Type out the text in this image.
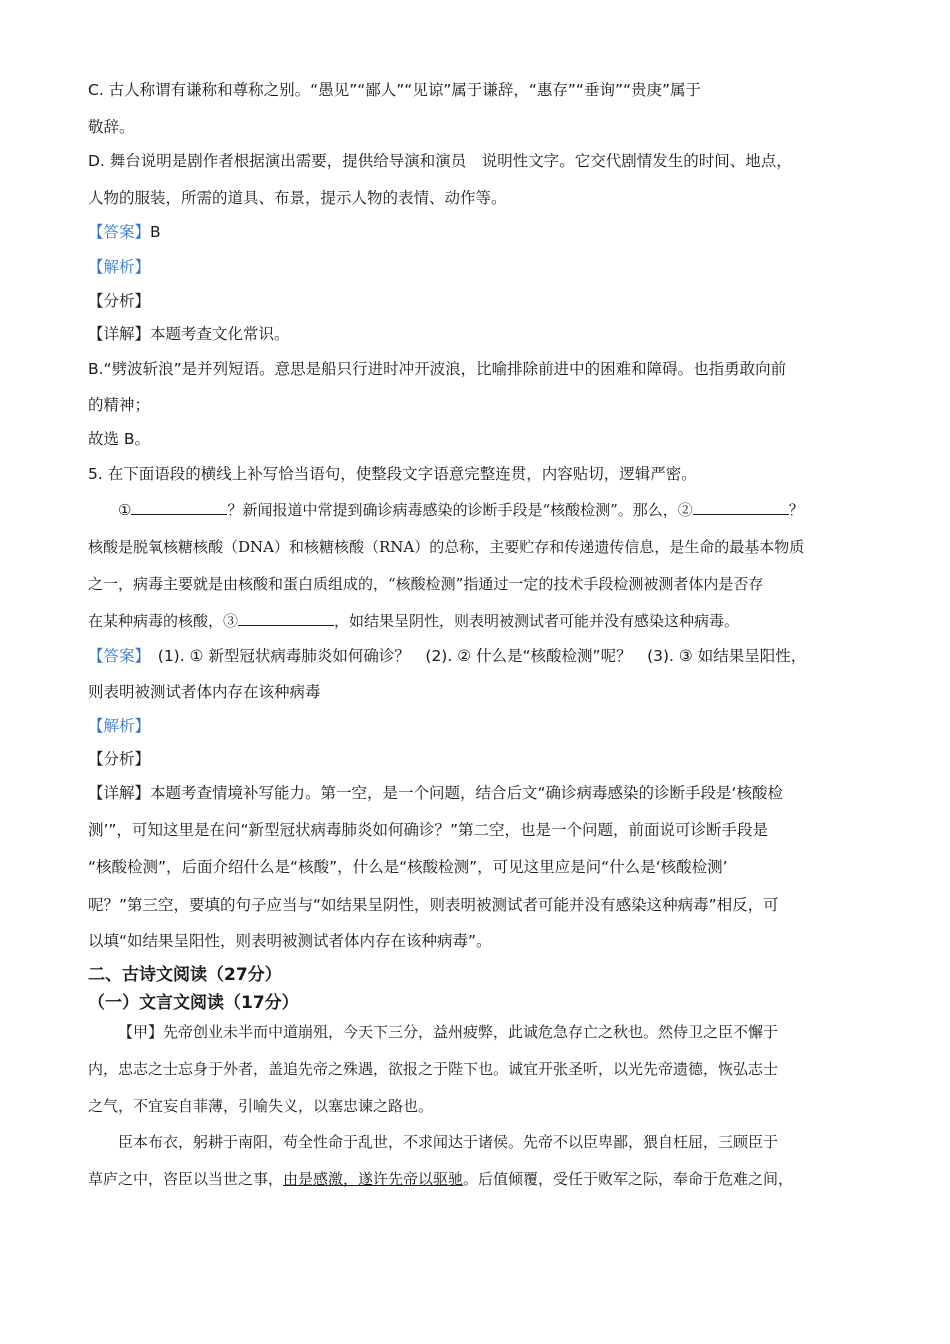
C. 古人称谓有谦称和尊称之别。“愚见”“鄙人”“见谅”属于谦辞，“惠存”“垂询”“贵庚”属于
敬辞。
D. 舞台说明是剧作者根据演出需要，提供给导演和演员　说明性文字。它交代剧情发生的时间、地点，
人物的服装，所需的道具、布景，提示人物的表情、动作等。
【答案】B
【解析】
【分析】
【详解】本题考查文化常识。
B.“劈波斩浪”是并列短语。意思是船只行进时冲开波浪，比喻排除前进中的困难和障碍。也指勇敢向前
的精神；
故选 B。
5. 在下面语段的横线上补写恰当语句，使整段文字语意完整连贯，内容贴切，逻辑严密。
①	？新闻报道中常提到确诊病毒感染的诊断手段是“核酸检测”。那么，②	？
核酸是脱氧核糖核酸（DNA）和核糖核酸（RNA）的总称，主要贮存和传递遗传信息，是生命的最基本物质
之一，病毒主要就是由核酸和蛋白质组成的，“核酸检测”指通过一定的技术手段检测被测者体内是否存
在某种病毒的核酸，③	，如结果呈阴性，则表明被测试者可能并没有感染这种病毒。
【答案】　(1). ① 新型冠状病毒肺炎如何确诊？　(2). ② 什么是“核酸检测”呢？　(3). ③ 如结果呈阳性，
则表明被测试者体内存在该种病毒
【解析】
【分析】
【详解】本题考查情境补写能力。第一空，是一个问题，结合后文“确诊病毒感染的诊断手段是‘核酸检
测’”，可知这里是在问“新型冠状病毒肺炎如何确诊？”第二空，也是一个问题，前面说可诊断手段是
“核酸检测”，后面介绍什么是“核酸”，什么是“核酸检测”，可见这里应是问“什么是‘核酸检测’
呢？”第三空，要填的句子应当与“如结果呈阴性，则表明被测试者可能并没有感染这种病毒”相反，可
以填“如结果呈阳性，则表明被测试者体内存在该种病毒”。
二、古诗文阅读（27分）
（一）文言文阅读（17分）
【甲】先帝创业未半而中道崩殂，今天下三分，益州疲弊，此诚危急存亡之秋也。然侍卫之臣不懈于
内，忠志之士忘身于外者，盖追先帝之殊遇，欲报之于陛下也。诚宜开张圣听，以光先帝遗德，恢弘志士
之气，不宜妄自菲薄，引喻失义，以塞忠谏之路也。
臣本布衣，躬耕于南阳，苟全性命于乱世，不求闻达于诸侯。先帝不以臣卑鄙，猥自枉屈，三顾臣于
草庐之中，咨臣以当世之事，由是感激，遂许先帝以驱驰。后值倾覆，受任于败军之际，奉命于危难之间，
